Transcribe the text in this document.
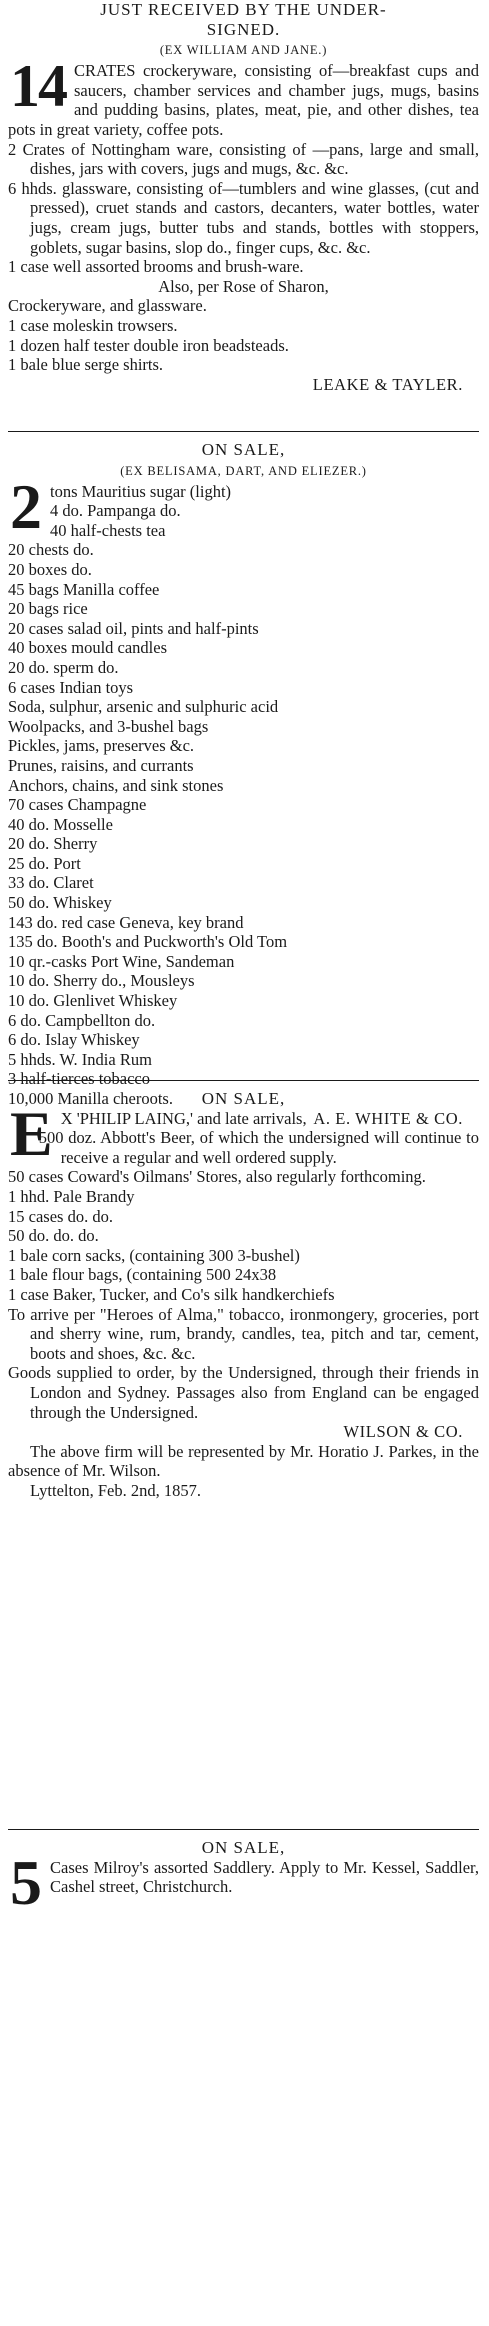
JUST RECEIVED BY THE UNDER-
SIGNED.
(EX WILLIAM AND JANE.)
14 CRATES crockeryware, consisting of—breakfast cups and saucers, chamber services and chamber jugs, mugs, basins and pudding basins, plates, meat, pie, and other dishes, tea pots in great variety, coffee pots.
2 Crates of Nottingham ware, consisting of —pans, large and small, dishes, jars with covers, jugs and mugs, &c. &c.
6 hhds. glassware, consisting of—tumblers and wine glasses, (cut and pressed), cruet stands and castors, decanters, water bottles, water jugs, cream jugs, butter tubs and stands, bottles with stoppers, goblets, sugar basins, slop do., finger cups, &c. &c.
1 case well assorted brooms and brush-ware.
Also, per Rose of Sharon,
Crockeryware, and glassware.
1 case moleskin trowsers.
1 dozen half tester double iron beadsteads.
1 bale blue serge shirts.
LEAKE & TAYLER.
ON SALE,
(EX BELISAMA, DART, AND ELIEZER.)
2 tons Mauritius sugar (light)
4 do. Pampanga do.
40 half-chests tea
20 chests do.
20 boxes do.
45 bags Manilla coffee
20 bags rice
20 cases salad oil, pints and half-pints
40 boxes mould candles
20 do. sperm do.
6 cases Indian toys
Soda, sulphur, arsenic and sulphuric acid
Woolpacks, and 3-bushel bags
Pickles, jams, preserves &c.
Prunes, raisins, and currants
Anchors, chains, and sink stones
70 cases Champagne
40 do. Mosselle
20 do. Sherry
25 do. Port
33 do. Claret
50 do. Whiskey
143 do. red case Geneva, key brand
135 do. Booth's and Puckworth's Old Tom
10 qr.-casks Port Wine, Sandeman
10 do. Sherry do., Mousleys
10 do. Glenlivet Whiskey
6 do. Campbellton do.
6 do. Islay Whiskey
5 hhds. W. India Rum
3 half-tierces tobacco
10,000 Manilla cheroots.
A. E. WHITE & CO.
ON SALE,
E X 'PHILIP LAING,' and late arrivals,
500 doz. Abbott's Beer, of which the undersigned will continue to receive a regular and well ordered supply.
50 cases Coward's Oilmans' Stores, also regularly forthcoming.
1 hhd. Pale Brandy
15 cases do. do.
50 do. do. do.
1 bale corn sacks, (containing 300 3-bushel)
1 bale flour bags, (containing 500 24x38
1 case Baker, Tucker, and Co's silk handkerchiefs
To arrive per "Heroes of Alma," tobacco, ironmongery, groceries, port and sherry wine, rum, brandy, candles, tea, pitch and tar, cement, boots and shoes, &c. &c.
Goods supplied to order, by the Undersigned, through their friends in London and Sydney. Passages also from England can be engaged through the Undersigned.
WILSON & CO.
The above firm will be represented by Mr. Horatio J. Parkes, in the absence of Mr. Wilson.
Lyttelton, Feb. 2nd, 1857.
ON SALE,
5 Cases Milroy's assorted Saddlery. Apply to Mr. Kessel, Saddler, Cashel street, Christchurch.
